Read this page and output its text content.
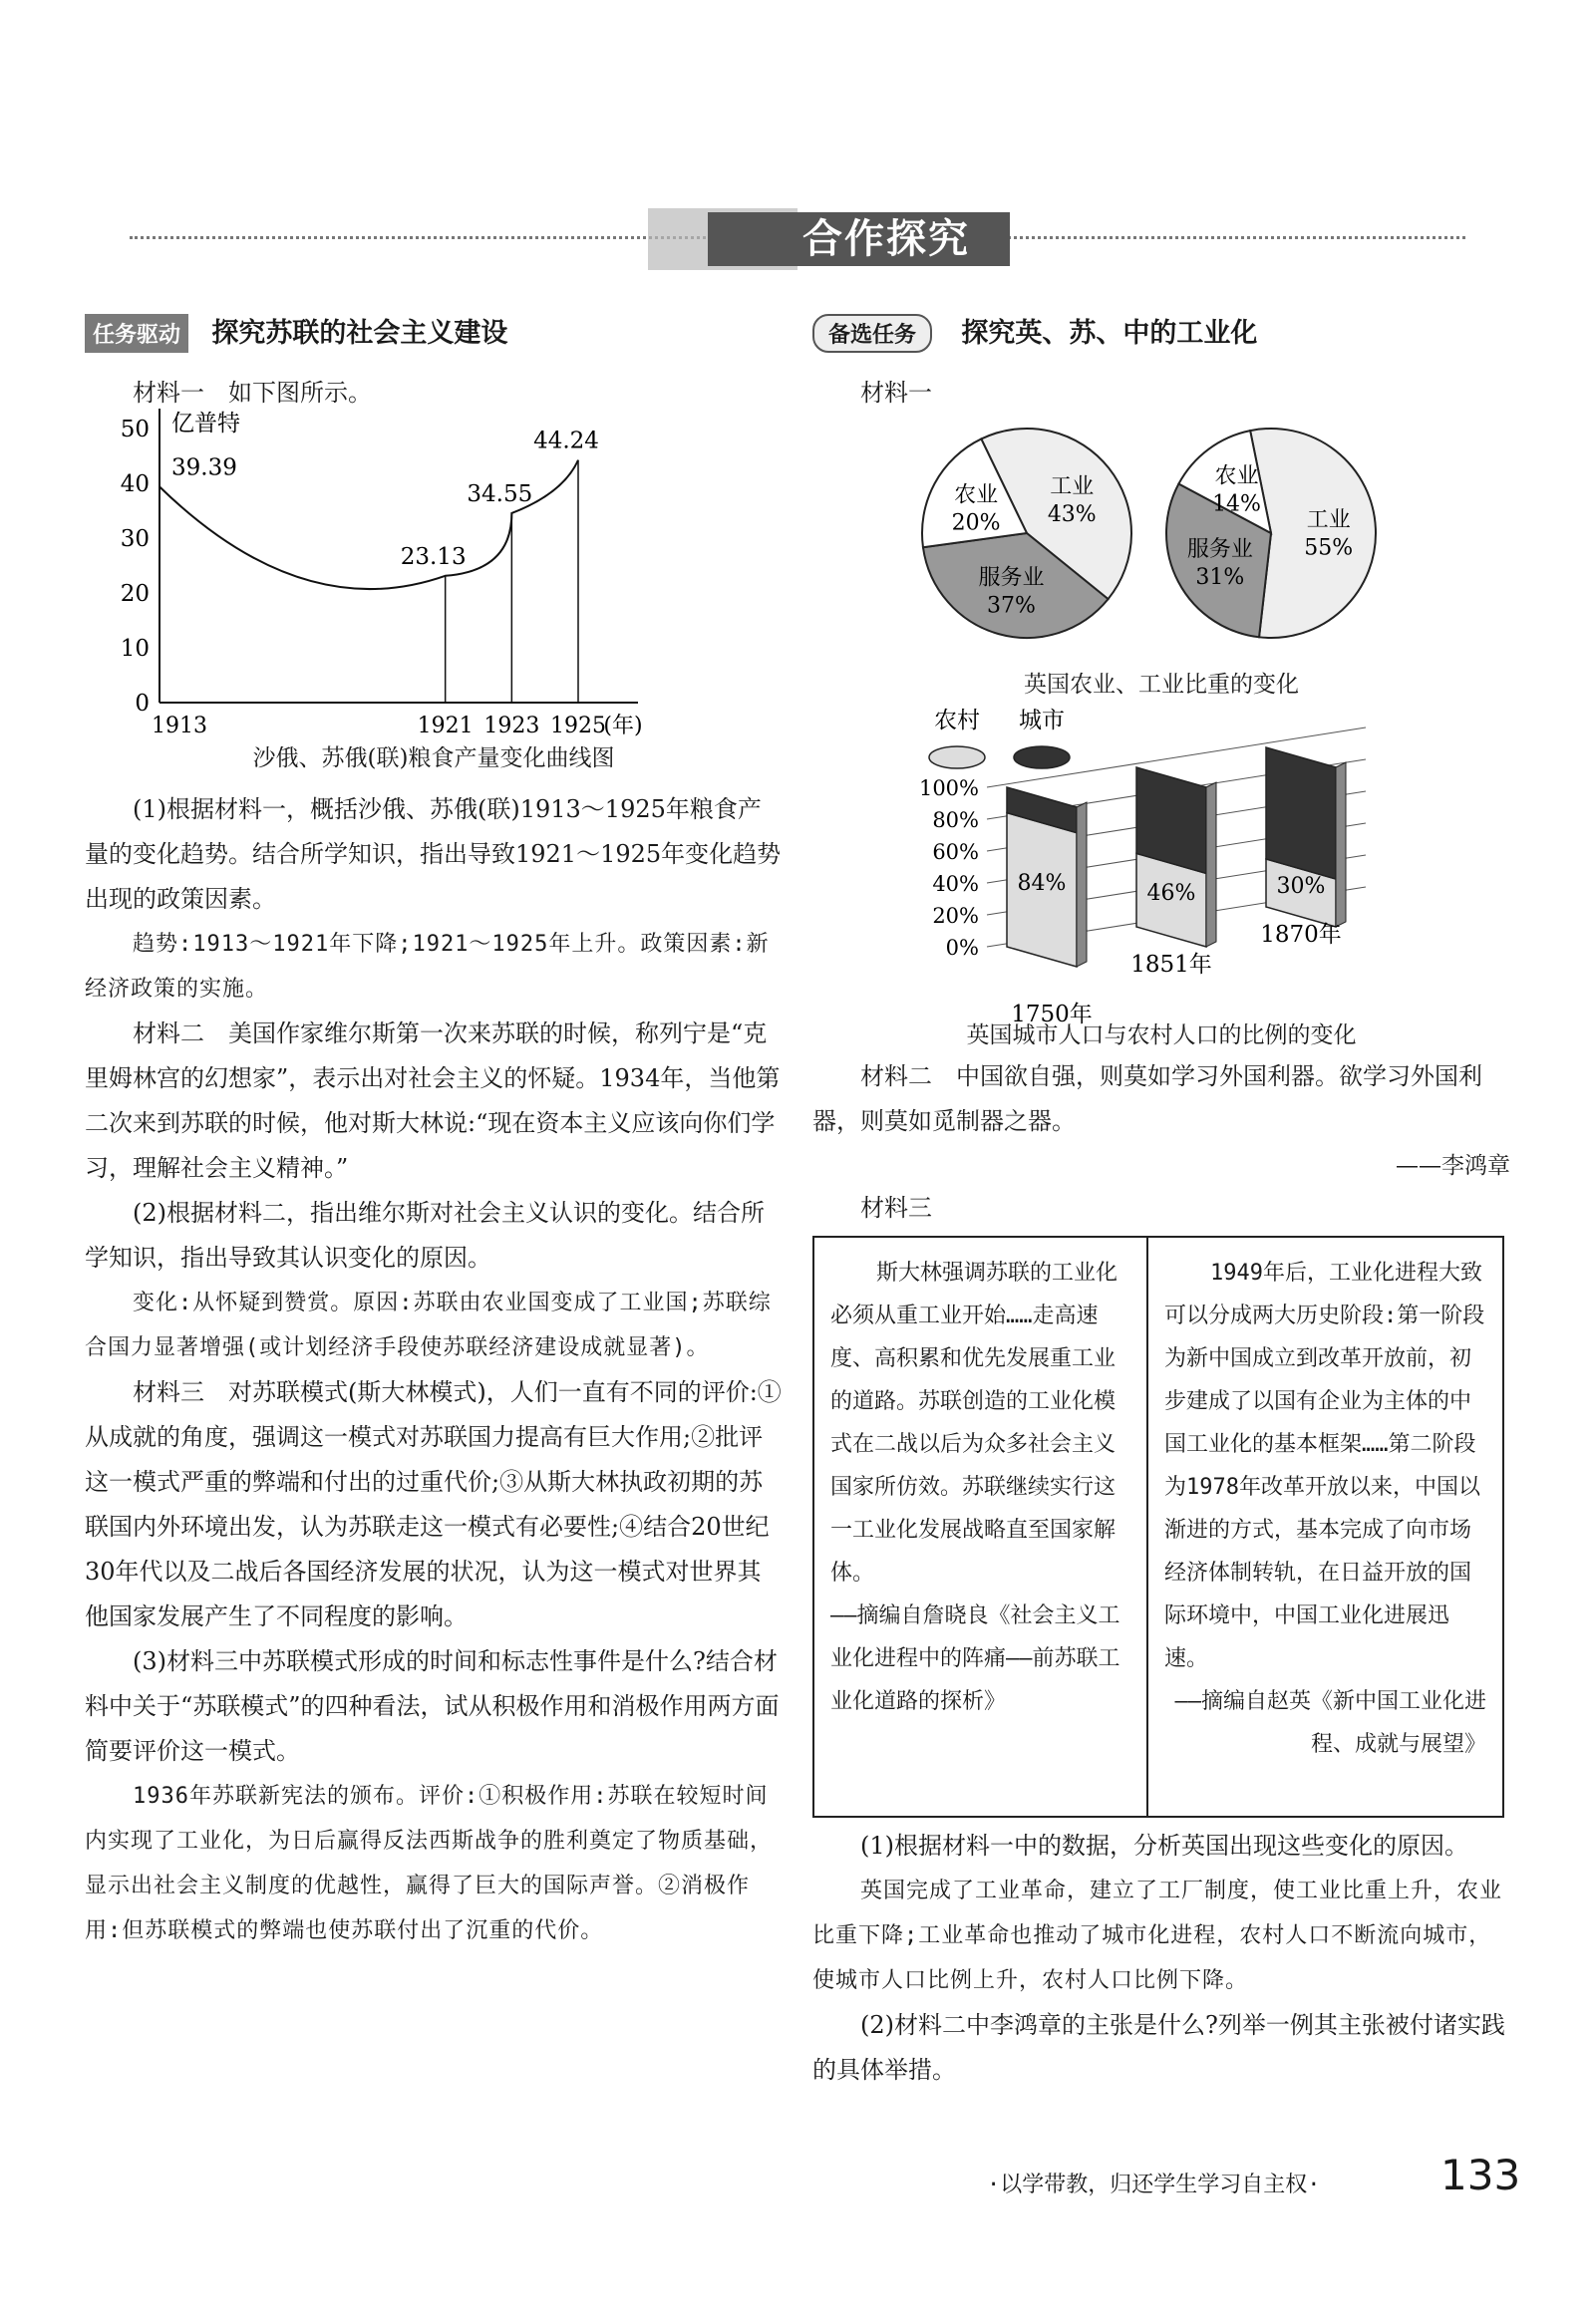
合作探究
任务驱动 探究苏联的社会主义建设

材料一　如下图所示。

0
10
20
30
40
50 亿普特
1913	1921 1923 1925
(年)
39.39
23.13
34.55
44.24
沙俄、苏俄(联)粮食产量变化曲线图

(1)根据材料一，概括沙俄、苏俄(联)1913～1925年粮食产量的变化趋势。结合所学知识，指出导致1921～1925年变化趋势出现的政策因素。

趋势:1913～1921年下降;1921～1925年上升。政策因素:新经济政策的实施。

材料二　美国作家维尔斯第一次来苏联的时候，称列宁是“克里姆林宫的幻想家”，表示出对社会主义的怀疑。1934年，当他第二次来到苏联的时候，他对斯大林说:“现在资本主义应该向你们学习，理解社会主义精神。”

(2)根据材料二，指出维尔斯对社会主义认识的变化。结合所学知识，指出导致其认识变化的原因。

变化:从怀疑到赞赏。原因:苏联由农业国变成了工业国;苏联综合国力显著增强(或计划经济手段使苏联经济建设成就显著)。

材料三　对苏联模式(斯大林模式)，人们一直有不同的评价:①从成就的角度，强调这一模式对苏联国力提高有巨大作用;②批评这一模式严重的弊端和付出的过重代价;③从斯大林执政初期的苏联国内外环境出发，认为苏联走这一模式有必要性;④结合20世纪30年代以及二战后各国经济发展的状况，认为这一模式对世界其他国家发展产生了不同程度的影响。

(3)材料三中苏联模式形成的时间和标志性事件是什么?结合材料中关于“苏联模式”的四种看法，试从积极作用和消极作用两方面简要评价这一模式。

1936年苏联新宪法的颁布。评价:①积极作用:苏联在较短时间内实现了工业化，为日后赢得反法西斯战争的胜利奠定了物质基础，显示出社会主义制度的优越性，赢得了巨大的国际声誉。②消极作用:但苏联模式的弊端也使苏联付出了沉重的代价。

备选任务 探究英、苏、中的工业化

材料一

工业
43%
服务业
37%
农业
20%	工业
55%
服务业
31%
农业
14%
英国农业、工业比重的变化
农村 城市
0%
20%
40%
60%
80%
100%
84%
1750年
46%
1851年
30%
1870年
英国城市人口与农村人口的比例的变化

材料二　中国欲自强，则莫如学习外国利器。欲学习外国利器，则莫如觅制器之器。

——李鸿章

材料三

斯大林强调苏联的工业化必须从重工业开始……走高速度、高积累和优先发展重工业的道路。苏联创造的工业化模式在二战以后为众多社会主义国家所仿效。苏联继续实行这一工业化发展战略直至国家解体。

——摘编自詹晓良《社会主义工业化进程中的阵痛——前苏联工业化道路的探析》

1949年后，工业化进程大致可以分成两大历史阶段:第一阶段为新中国成立到改革开放前，初步建成了以国有企业为主体的中国工业化的基本框架……第二阶段为1978年改革开放以来，中国以渐进的方式，基本完成了向市场经济体制转轨，在日益开放的国际环境中，中国工业化进展迅速。

——摘编自赵英《新中国工业化进程、成就与展望》

(1)根据材料一中的数据，分析英国出现这些变化的原因。

英国完成了工业革命，建立了工厂制度，使工业比重上升，农业比重下降;工业革命也推动了城市化进程，农村人口不断流向城市，使城市人口比例上升，农村人口比例下降。

(2)材料二中李鸿章的主张是什么?列举一例其主张被付诸实践的具体举措。

·以学带教，归还学生学习自主权·	133
